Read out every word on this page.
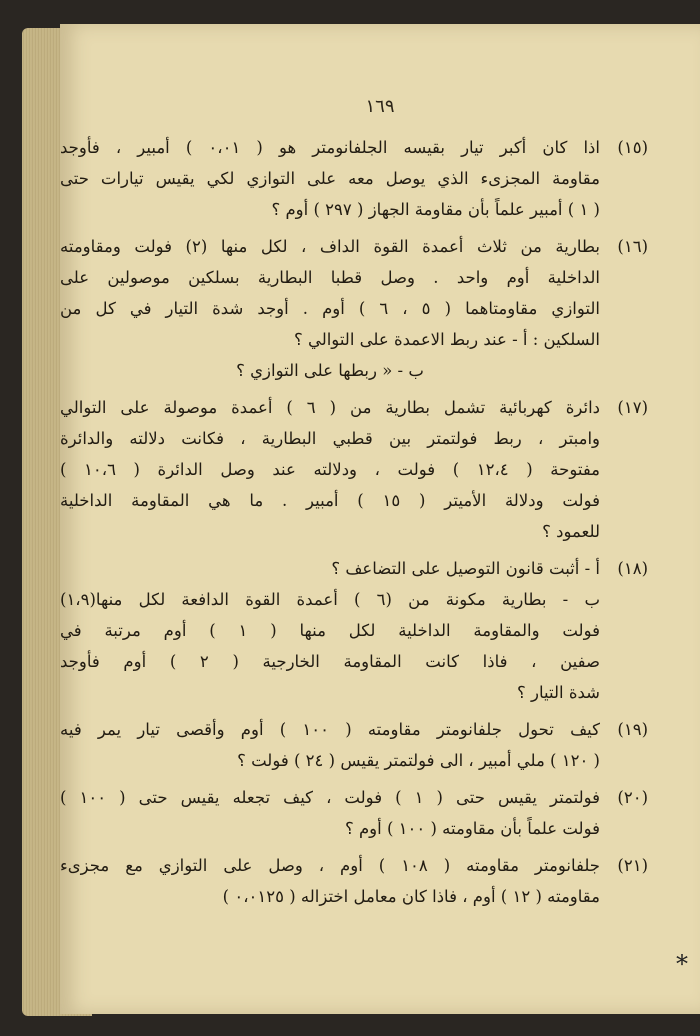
١٦٩
(١٥)
اذا كان أكبر تيار بقيسه الجلفانومتر هو ( ٠،٠١ ) أمبير ، فأوجد
مقاومة المجزىء الذي يوصل معه على التوازي لكي يقيس تيارات حتى
( ١ ) أمبير علماً بأن مقاومة الجهاز ( ٢٩٧ ) أوم ؟
(١٦)
بطارية من ثلاث أعمدة القوة الداف ، لكل منها (٢) فولت ومقاومته
الداخلية أوم واحد . وصل قطبا البطارية بسلكين موصولين على
التوازي مقاومتاهما ( ٥ ، ٦ ) أوم . أوجد شدة التيار في كل من
السلكين : أ - عند ربط الاعمدة على التوالي ؟
ب - « ربطها على التوازي ؟
(١٧)
دائرة كهربائية تشمل بطارية من ( ٦ ) أعمدة موصولة على التوالي
وامبتر ، ربط فولتمتر بين قطبي البطارية ، فكانت دلالته والدائرة
مفتوحة ( ١٢،٤ ) فولت ، ودلالته عند وصل الدائرة ( ١٠،٦ )
فولت ودلالة الأميتر ( ١٥ ) أمبير . ما هي المقاومة الداخلية
للعمود ؟
(١٨)
أ - أثبت قانون التوصيل على التضاعف ؟
ب - بطارية مكونة من (٦ ) أعمدة القوة الدافعة لكل منها(١،٩)
فولت والمقاومة الداخلية لكل منها ( ١ ) أوم مرتبة في
صفين ، فاذا كانت المقاومة الخارجية ( ٢ ) أوم فأوجد
شدة التيار ؟
(١٩)
كيف تحول جلفانومتر مقاومته ( ١٠٠ ) أوم وأقصى تيار يمر فيه
( ١٢٠ ) ملي أمبير ، الى فولتمتر يقيس ( ٢٤ ) فولت ؟
(٢٠)
فولتمتر يقيس حتى ( ١ ) فولت ، كيف تجعله يقيس حتى ( ١٠٠ )
فولت علماً بأن مقاومته ( ١٠٠ ) أوم ؟
(٢١)
جلفانومتر مقاومته ( ١٠٨ ) أوم ، وصل على التوازي مع مجزىء
مقاومته ( ١٢ ) أوم ، فاذا كان معامل اختزاله ( ٠،٠١٢٥ )
*
